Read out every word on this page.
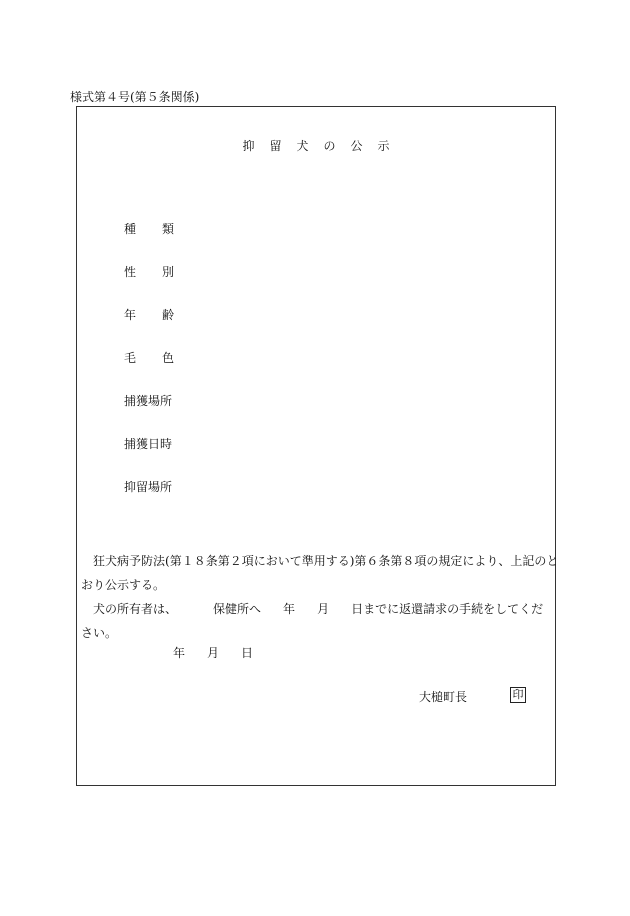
様式第４号(第５条関係)
抑留犬の公示
種 類
性 別
年 齢
毛 色
捕獲場所
捕獲日時
抑留場所
　狂犬病予防法(第１８条第２項において準用する)第６条第８項の規定により、上記のと
おり公示する。
　犬の所有者は、	保健所へ 年 月 日までに返還請求の手続をしてくだ
さい。
年 月 日
大槌町長	印
